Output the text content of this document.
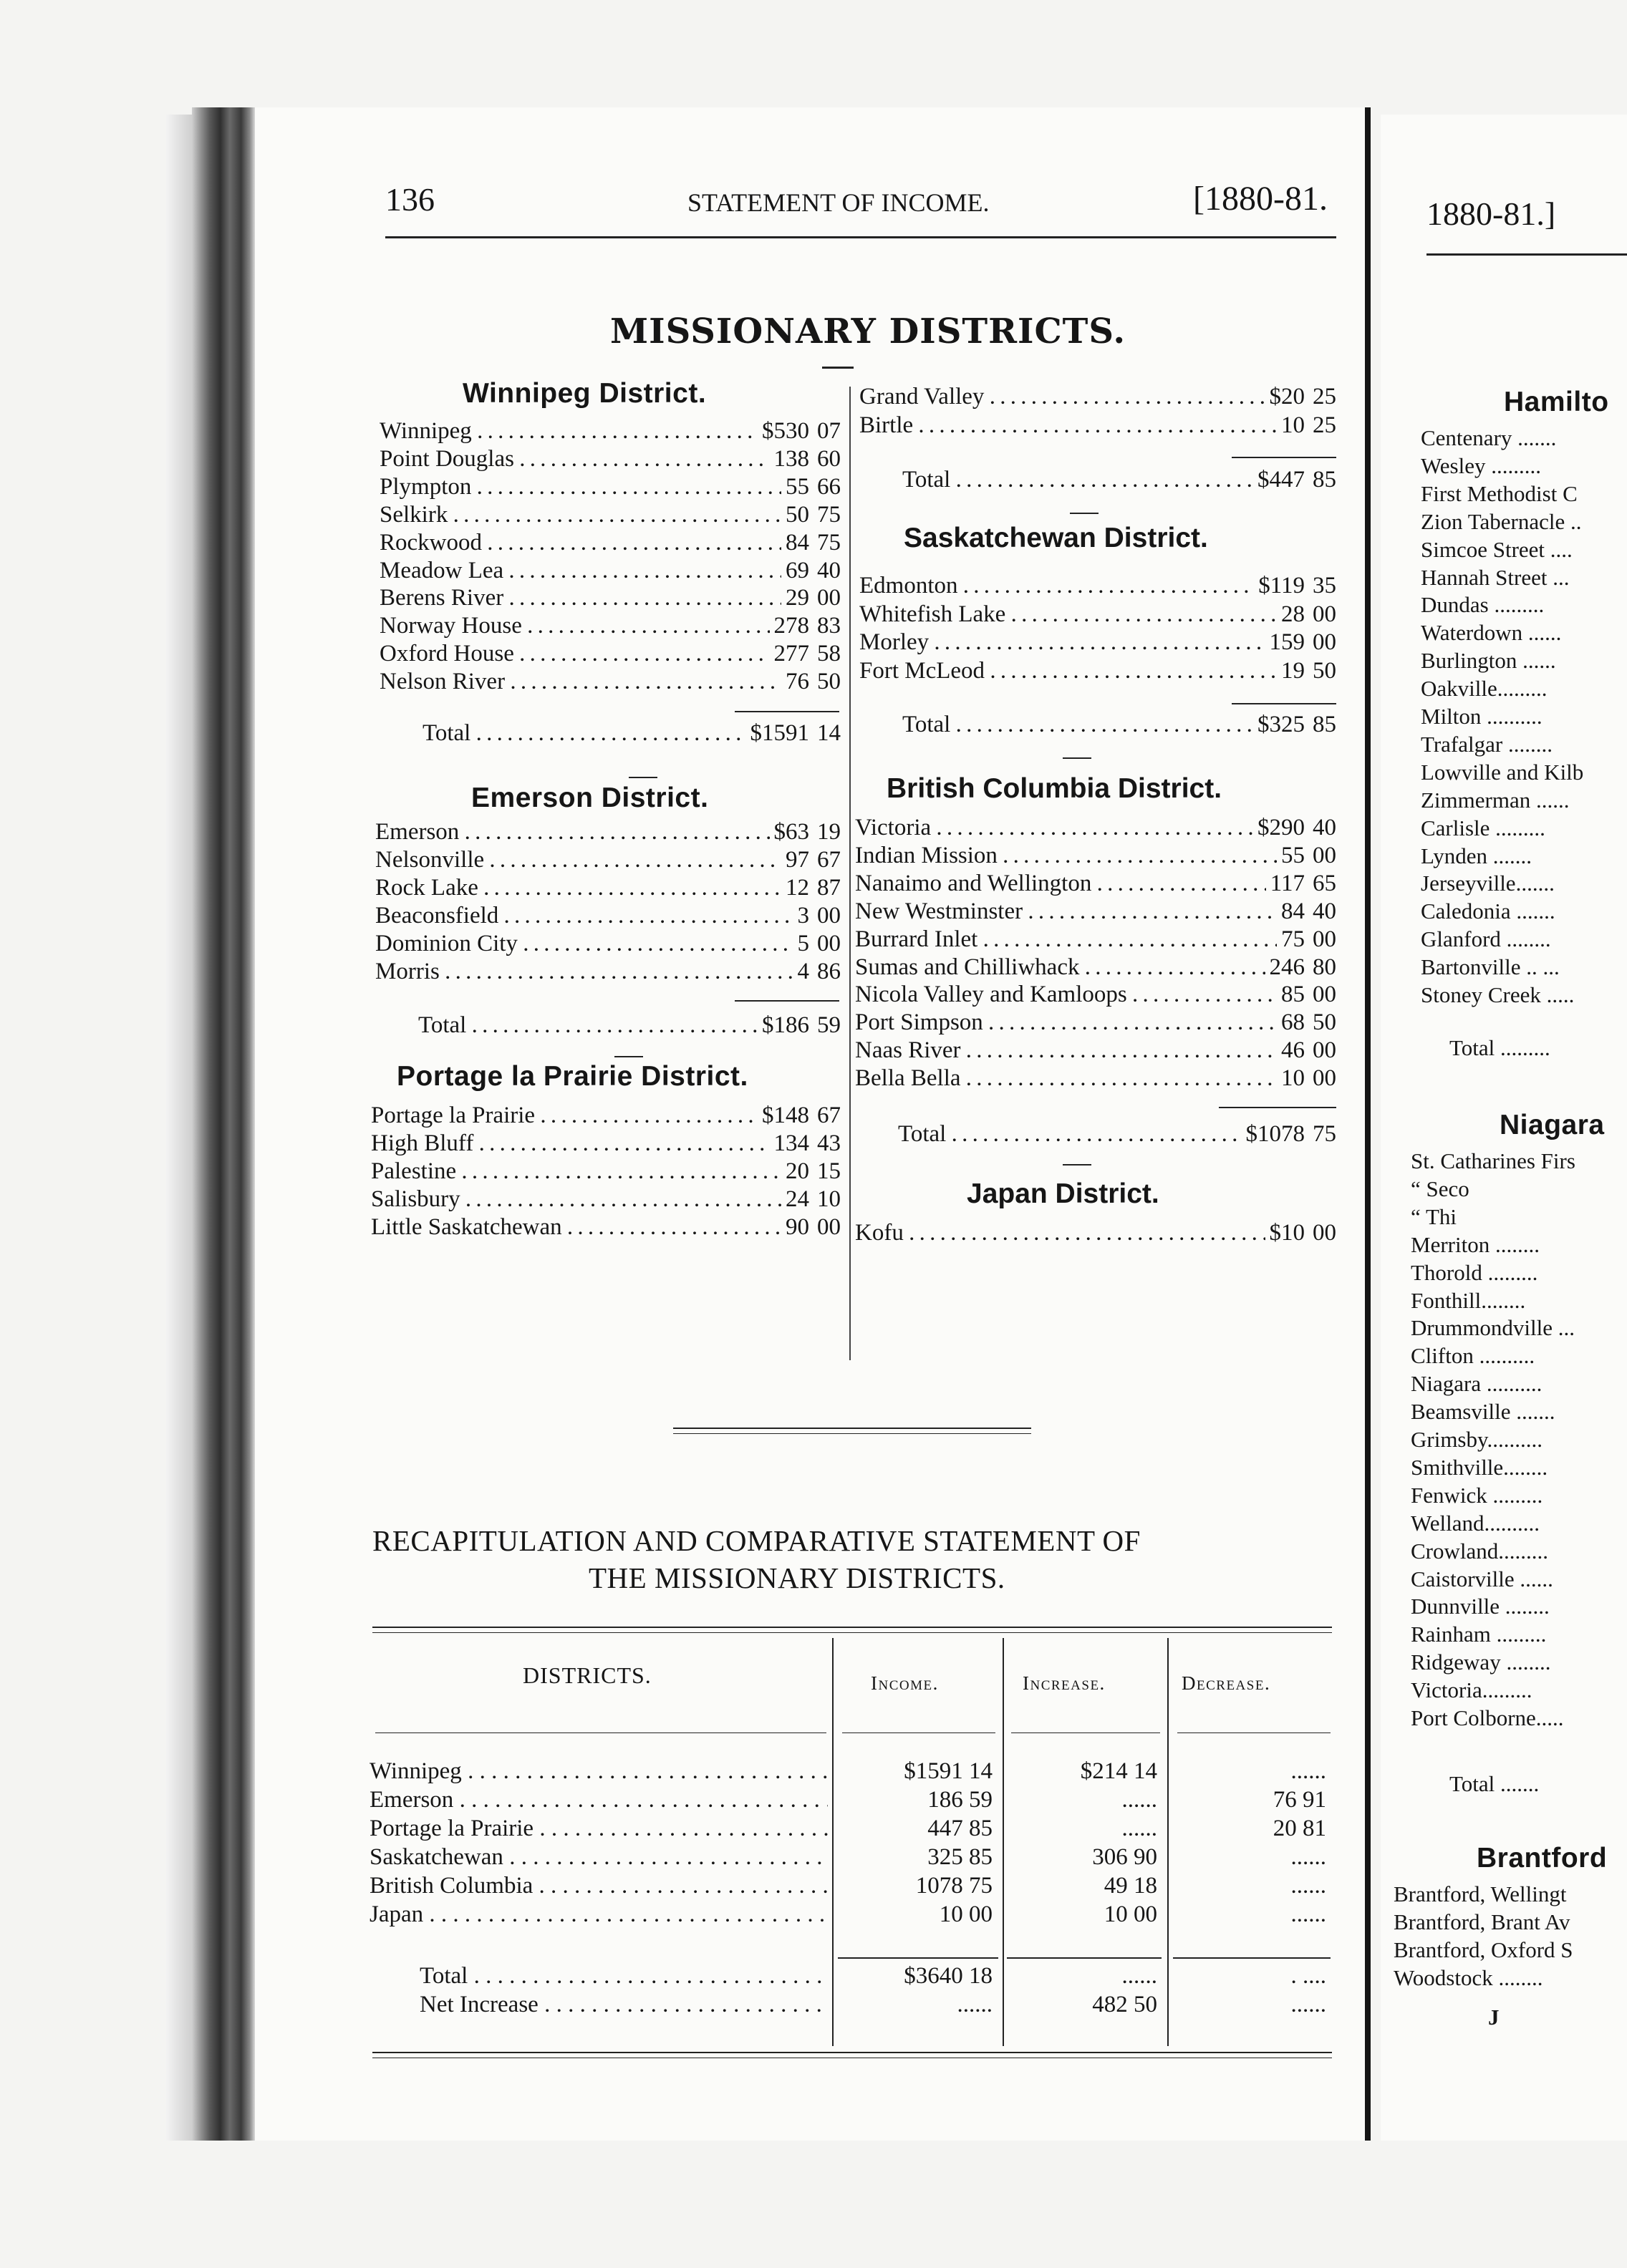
136	STATEMENT OF INCOME.	[1880-81.
MISSIONARY DISTRICTS.
Winnipeg District.
Winnipeg . . .	$530 07
Point Douglas . . .	138 60
Plympton . . .	55 66
Selkirk . . .	50 75
Rockwood . . .	84 75
Meadow Lea . . .	69 40
Berens River . . .	29 00
Norway House . . .	278 83
Oxford House . . .	277 58
Nelson River . . .	76 50
Total . . .	$1591 14
Emerson District.
Emerson . . .	$63 19
Nelsonville . . .	97 67
Rock Lake . . .	12 87
Beaconsfield . . .	3 00
Dominion City . . .	5 00
Morris . . .	4 86
Total . . .	$186 59
Portage la Prairie District.
Portage la Prairie . . .	$148 67
High Bluff . . .	134 43
Palestine . . .	20 15
Salisbury . . .	24 10
Little Saskatchewan . . .	90 00
Grand Valley . . .	$20 25
Birtle . . .	10 25
Total . . .	$447 85
Saskatchewan District.
Edmonton . . .	$119 35
Whitefish Lake . . .	28 00
Morley . . .	159 00
Fort McLeod . . .	19 50
Total . . .	$325 85
British Columbia District.
Victoria . . .	$290 40
Indian Mission . . .	55 00
Nanaimo and Wellington . . .	117 65
New Westminster . . .	84 40
Burrard Inlet . . .	75 00
Sumas and Chilliwhack . . .	246 80
Nicola Valley and Kamloops . . .	85 00
Port Simpson . . .	68 50
Naas River . . .	46 00
Bella Bella . . .	10 00
Total . . .	$1078 75
Japan District.
Kofu . . .	$10 00
RECAPITULATION AND COMPARATIVE STATEMENT OF
THE MISSIONARY DISTRICTS.
DISTRICTS.	Income.	Increase.	Decrease.
Winnipeg . . .	$1591 14	$214 14	......
Emerson . . .	186 59	......	76 91
Portage la Prairie . . .	447 85	......	20 81
Saskatchewan . . .	325 85	306 90	......
British Columbia . . .	1078 75	49 18	......
Japan . . .	10 00	10 00	......
Total . . .	$3640 18	......	. ....
Net Increase . . .	......	482 50	......
1880-81.]
Hamilto
Centenary .......
Wesley .........
First Methodist C
Zion Tabernacle ..
Simcoe Street ....
Hannah Street ...
Dundas .........
Waterdown ......
Burlington ......
Oakville.........
Milton ..........
Trafalgar ........
Lowville and Kilb
Zimmerman ......
Carlisle .........
Lynden .......
Jerseyville.......
Caledonia .......
Glanford ........
Bartonville .. ...
Stoney Creek .....
Total .........
Niagara
St. Catharines Firs
“ Seco
“ Thi
Merriton ........
Thorold .........
Fonthill........
Drummondville ...
Clifton ..........
Niagara ..........
Beamsville .......
Grimsby..........
Smithville........
Fenwick .........
Welland..........
Crowland.........
Caistorville ......
Dunnville ........
Rainham .........
Ridgeway ........
Victoria.........
Port Colborne.....
Total .......
Brantford
Brantford, Wellingt
Brantford, Brant Av
Brantford, Oxford S
Woodstock ........
J
